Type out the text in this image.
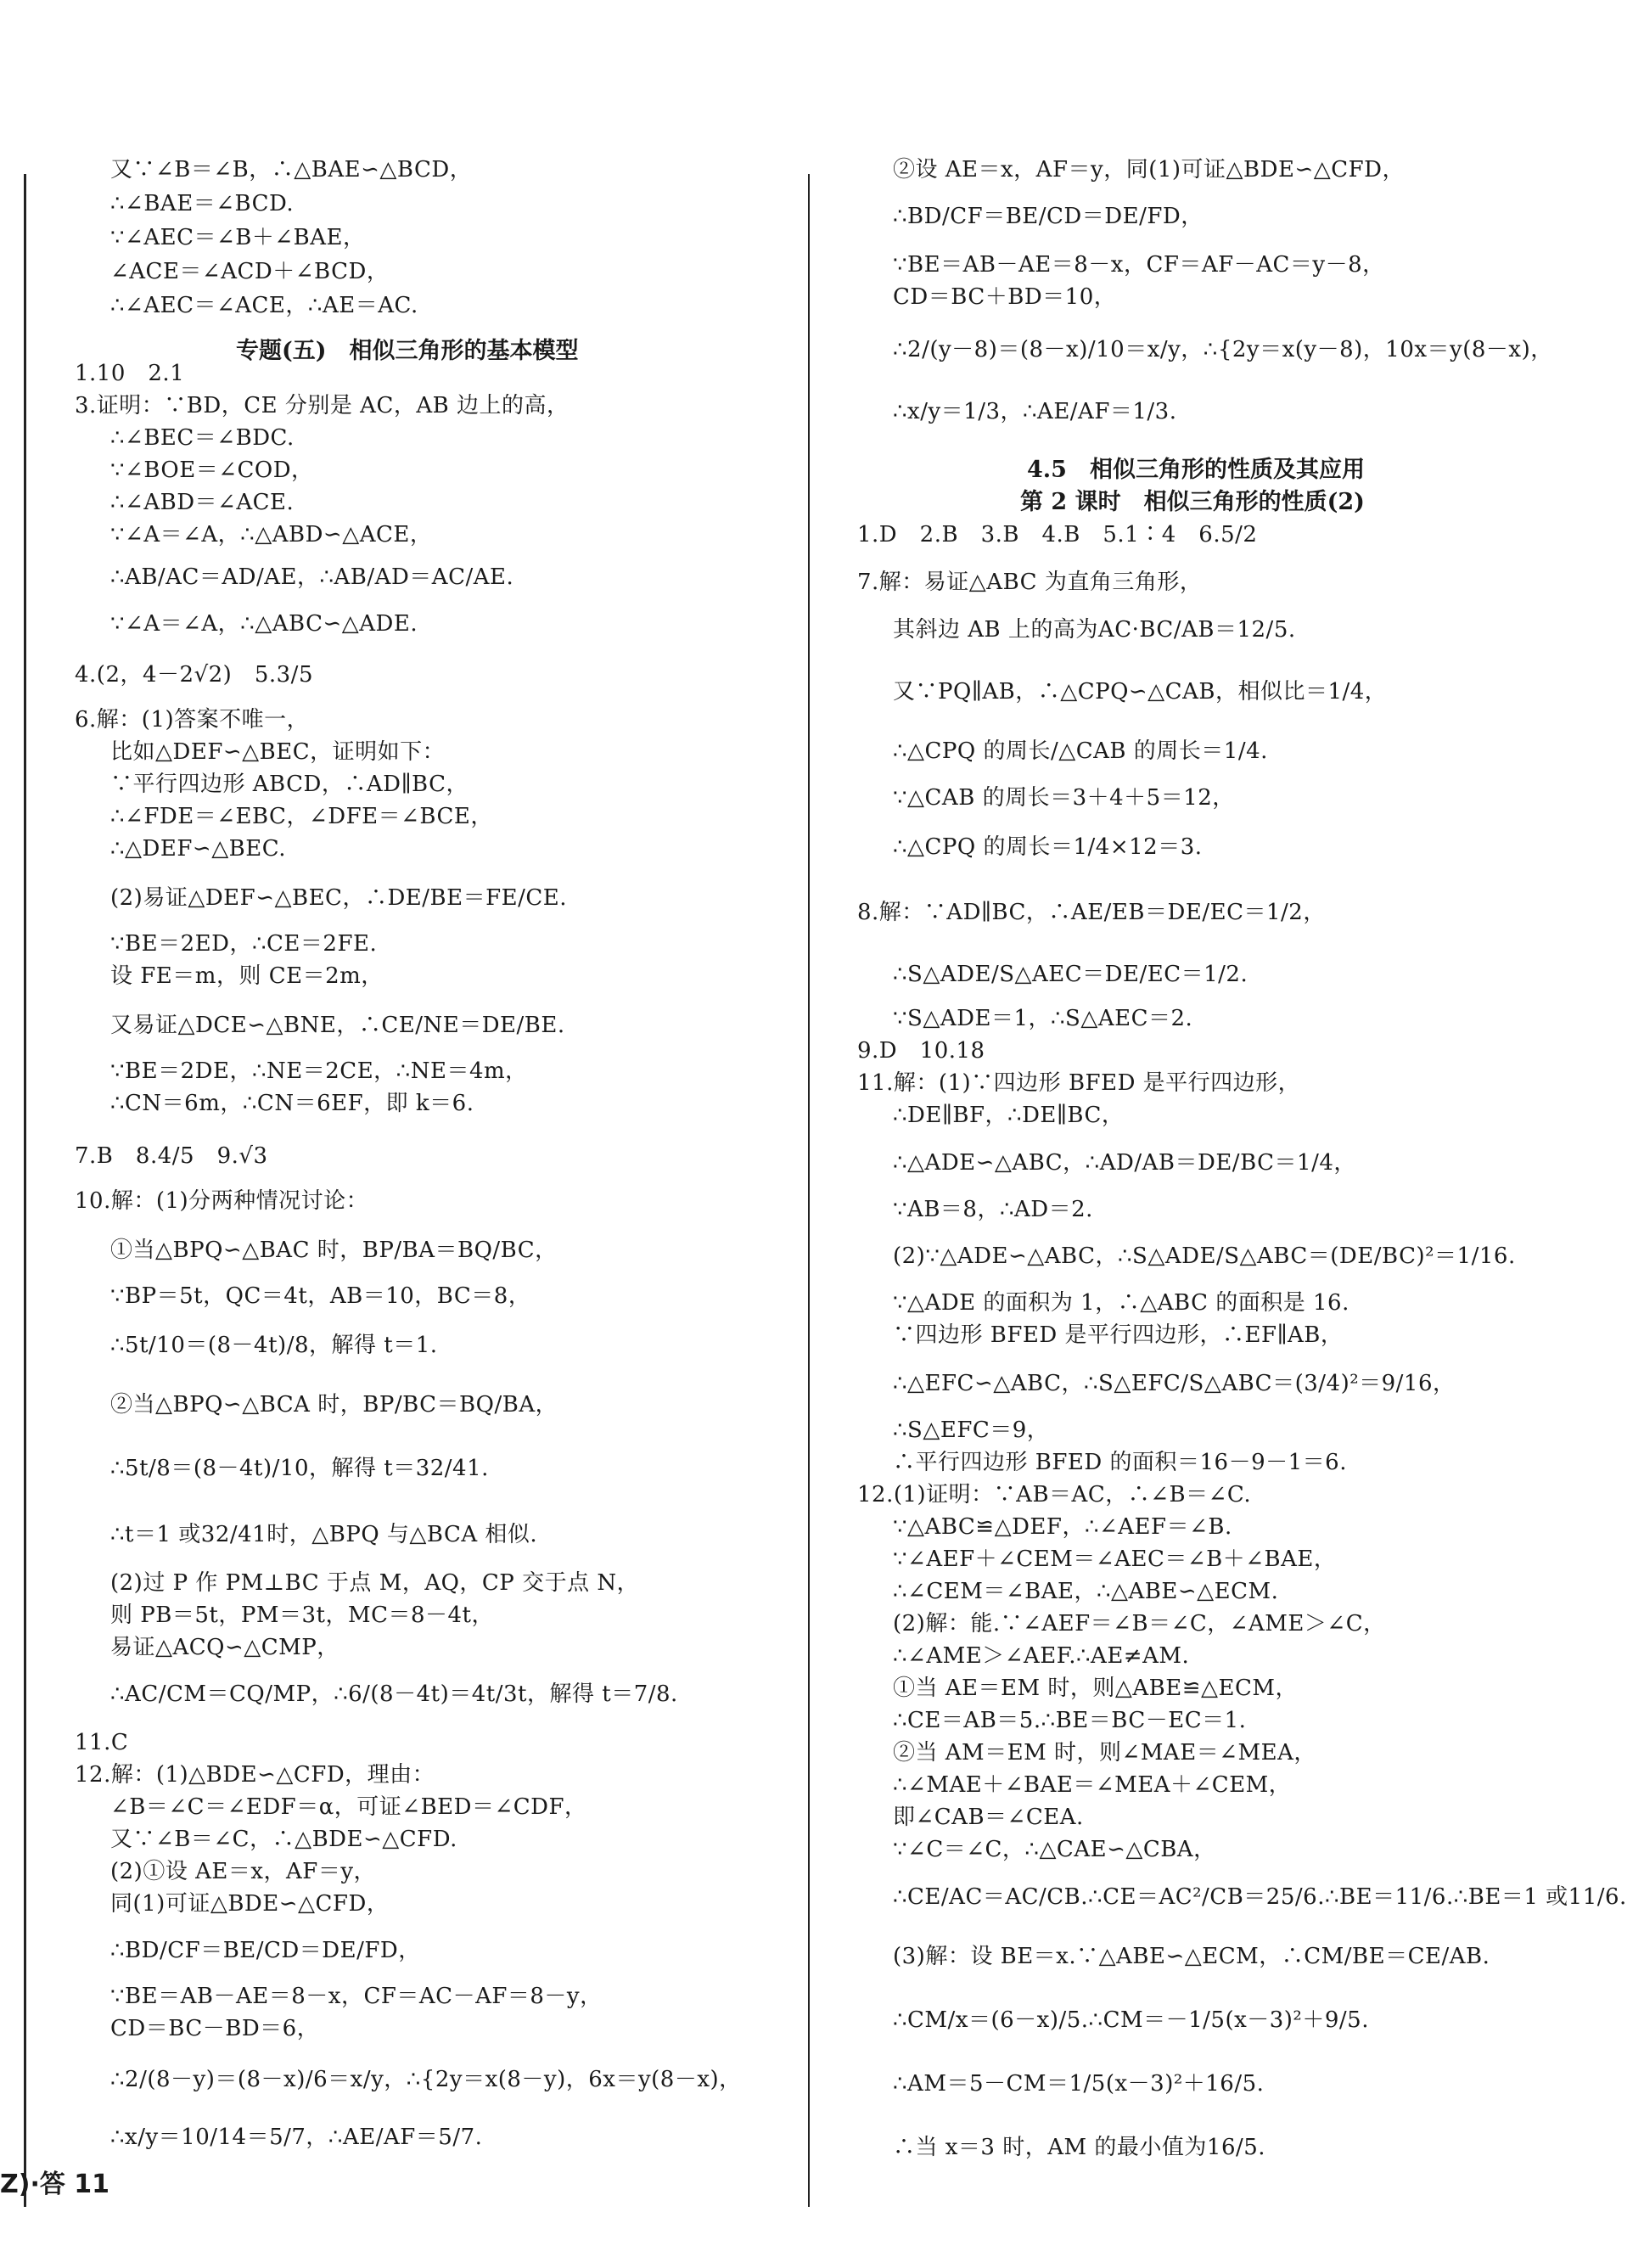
专题(五)　相似三角形的基本模型
又∵∠B＝∠B，∴△BAE∽△BCD，
∴∠BAE＝∠BCD.
∵∠AEC＝∠B＋∠BAE，
∠ACE＝∠ACD＋∠BCD，
∴∠AEC＝∠ACE，∴AE＝AC.
1.10　2.1
3.证明：∵BD，CE 分别是 AC，AB 边上的高，
∴∠BEC＝∠BDC.
∵∠BOE＝∠COD，
∴∠ABD＝∠ACE.
∵∠A＝∠A，∴△ABD∽△ACE，
∴AB/AC＝AD/AE，∴AB/AD＝AC/AE.
∵∠A＝∠A，∴△ABC∽△ADE.
4.(2，4－2√2)　5.3/5
6.解：(1)答案不唯一，
比如△DEF∽△BEC，证明如下：
∵平行四边形 ABCD，∴AD∥BC，
∴∠FDE＝∠EBC，∠DFE＝∠BCE，
∴△DEF∽△BEC.
(2)易证△DEF∽△BEC，∴DE/BE＝FE/CE.
∵BE＝2ED，∴CE＝2FE.
设 FE＝m，则 CE＝2m，
又易证△DCE∽△BNE，∴CE/NE＝DE/BE.
∵BE＝2DE，∴NE＝2CE，∴NE＝4m，
∴CN＝6m，∴CN＝6EF，即 k＝6.
7.B　8.4/5　9.√3
10.解：(1)分两种情况讨论：
①当△BPQ∽△BAC 时，BP/BA＝BQ/BC，
∵BP＝5t，QC＝4t，AB＝10，BC＝8，
∴5t/10＝(8－4t)/8，解得 t＝1.
②当△BPQ∽△BCA 时，BP/BC＝BQ/BA，
∴5t/8＝(8－4t)/10，解得 t＝32/41.
∴t＝1 或32/41时，△BPQ 与△BCA 相似.
(2)过 P 作 PM⊥BC 于点 M，AQ，CP 交于点 N，
则 PB＝5t，PM＝3t，MC＝8－4t，
易证△ACQ∽△CMP，
∴AC/CM＝CQ/MP，∴6/(8－4t)＝4t/3t，解得 t＝7/8.
11.C
12.解：(1)△BDE∽△CFD，理由：
∠B＝∠C＝∠EDF＝α，可证∠BED＝∠CDF，
又∵∠B＝∠C，∴△BDE∽△CFD.
(2)①设 AE＝x，AF＝y，
同(1)可证△BDE∽△CFD，
∴BD/CF＝BE/CD＝DE/FD，
∵BE＝AB－AE＝8－x，CF＝AC－AF＝8－y，
CD＝BC－BD＝6，
∴2/(8－y)＝(8－x)/6＝x/y，∴{2y＝x(8－y)，6x＝y(8－x)，
∴x/y＝10/14＝5/7，∴AE/AF＝5/7.
4.5　相似三角形的性质及其应用
第 2 课时　相似三角形的性质(2)
②设 AE＝x，AF＝y，同(1)可证△BDE∽△CFD，
∴BD/CF＝BE/CD＝DE/FD，
∵BE＝AB－AE＝8－x，CF＝AF－AC＝y－8，
CD＝BC＋BD＝10，
∴2/(y－8)＝(8－x)/10＝x/y，∴{2y＝x(y－8)，10x＝y(8－x)，
∴x/y＝1/3，∴AE/AF＝1/3.
1.D　2.B　3.B　4.B　5.1∶4　6.5/2
7.解：易证△ABC 为直角三角形，
其斜边 AB 上的高为AC·BC/AB＝12/5.
又∵PQ∥AB，∴△CPQ∽△CAB，相似比＝1/4，
∴△CPQ 的周长/△CAB 的周长＝1/4.
∵△CAB 的周长＝3＋4＋5＝12，
∴△CPQ 的周长＝1/4×12＝3.
8.解：∵AD∥BC，∴AE/EB＝DE/EC＝1/2，
∴S△ADE/S△AEC＝DE/EC＝1/2.
∵S△ADE＝1，∴S△AEC＝2.
9.D　10.18
11.解：(1)∵四边形 BFED 是平行四边形，
∴DE∥BF，∴DE∥BC，
∴△ADE∽△ABC，∴AD/AB＝DE/BC＝1/4，
∵AB＝8，∴AD＝2.
(2)∵△ADE∽△ABC，∴S△ADE/S△ABC＝(DE/BC)²＝1/16.
∵△ADE 的面积为 1，∴△ABC 的面积是 16.
∵四边形 BFED 是平行四边形，∴EF∥AB，
∴△EFC∽△ABC，∴S△EFC/S△ABC＝(3/4)²＝9/16，
∴S△EFC＝9，
∴平行四边形 BFED 的面积＝16－9－1＝6.
12.(1)证明：∵AB＝AC，∴∠B＝∠C.
∵△ABC≌△DEF，∴∠AEF＝∠B.
∵∠AEF＋∠CEM＝∠AEC＝∠B＋∠BAE，
∴∠CEM＝∠BAE，∴△ABE∽△ECM.
(2)解：能.∵∠AEF＝∠B＝∠C，∠AME＞∠C，
∴∠AME＞∠AEF.∴AE≠AM.
①当 AE＝EM 时，则△ABE≌△ECM，
∴CE＝AB＝5.∴BE＝BC－EC＝1.
②当 AM＝EM 时，则∠MAE＝∠MEA，
∴∠MAE＋∠BAE＝∠MEA＋∠CEM，
即∠CAB＝∠CEA.
∵∠C＝∠C，∴△CAE∽△CBA，
∴CE/AC＝AC/CB.∴CE＝AC²/CB＝25/6.∴BE＝11/6.∴BE＝1 或11/6.
(3)解：设 BE＝x.∵△ABE∽△ECM，∴CM/BE＝CE/AB.
∴CM/x＝(6－x)/5.∴CM＝－1/5(x－3)²＋9/5.
∴AM＝5－CM＝1/5(x－3)²＋16/5.
∴当 x＝3 时，AM 的最小值为16/5.
Z)·答 11
